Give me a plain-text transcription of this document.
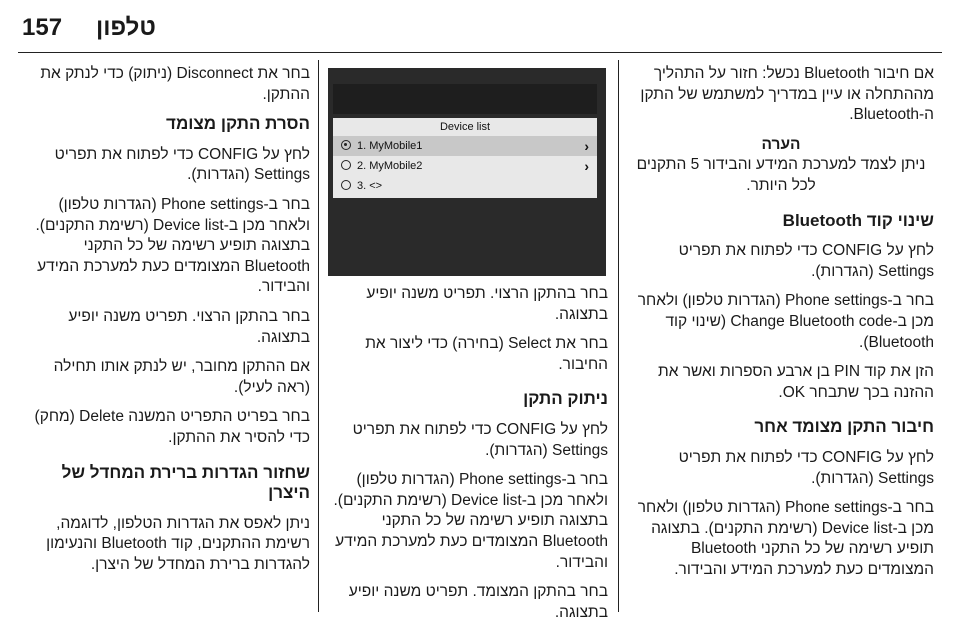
157 טלפון

אם חיבור Bluetooth נכשל: חזור על התהליך מההתחלה או עיין במדריך למשתמש של התקן ה-Bluetooth.

הערה
ניתן לצמד למערכת המידע והבידור 5 התקנים לכל היותר.
שינוי קוד Bluetooth

לחץ על CONFIG כדי לפתוח את תפריט Settings (הגדרות).

בחר ב-Phone settings (הגדרות טלפון) ולאחר מכן ב-Change Bluetooth code (שינוי קוד Bluetooth).

הזן את קוד PIN בן ארבע הספרות ואשר את ההזנה בכך שתבחר OK.

חיבור התקן מצומד אחר

לחץ על CONFIG כדי לפתוח את תפריט Settings (הגדרות).

בחר ב-Phone settings (הגדרות טלפון) ולאחר מכן ב-Device list (רשימת התקנים). בתצוגה תופיע רשימה של כל התקני Bluetooth המצומדים כעת למערכת המידע והבידור.

Device list
1. MyMobile1	›
2. MyMobile2	›
3. <>

בחר בהתקן הרצוי. תפריט משנה יופיע בתצוגה.

בחר את Select (בחירה) כדי ליצור את החיבור.

ניתוק התקן

לחץ על CONFIG כדי לפתוח את תפריט Settings (הגדרות).

בחר ב-Phone settings (הגדרות טלפון) ולאחר מכן ב-Device list (רשימת התקנים). בתצוגה תופיע רשימה של כל התקני Bluetooth המצומדים כעת למערכת המידע והבידור.

בחר בהתקן המצומד. תפריט משנה יופיע בתצוגה.

בחר את Disconnect (ניתוק) כדי לנתק את ההתקן.

הסרת התקן מצומד

לחץ על CONFIG כדי לפתוח את תפריט Settings (הגדרות).

בחר ב-Phone settings (הגדרות טלפון) ולאחר מכן ב-Device list (רשימת התקנים). בתצוגה תופיע רשימה של כל התקני Bluetooth המצומדים כעת למערכת המידע והבידור.

בחר בהתקן הרצוי. תפריט משנה יופיע בתצוגה.

אם ההתקן מחובר, יש לנתק אותו תחילה (ראה לעיל).

בחר בפריט התפריט המשנה Delete (מחק) כדי להסיר את ההתקן.

שחזור הגדרות ברירת המחדל של היצרן

ניתן לאפס את הגדרות הטלפון, לדוגמה, רשימת ההתקנים, קוד Bluetooth והנעימון להגדרות ברירת המחדל של היצרן.
